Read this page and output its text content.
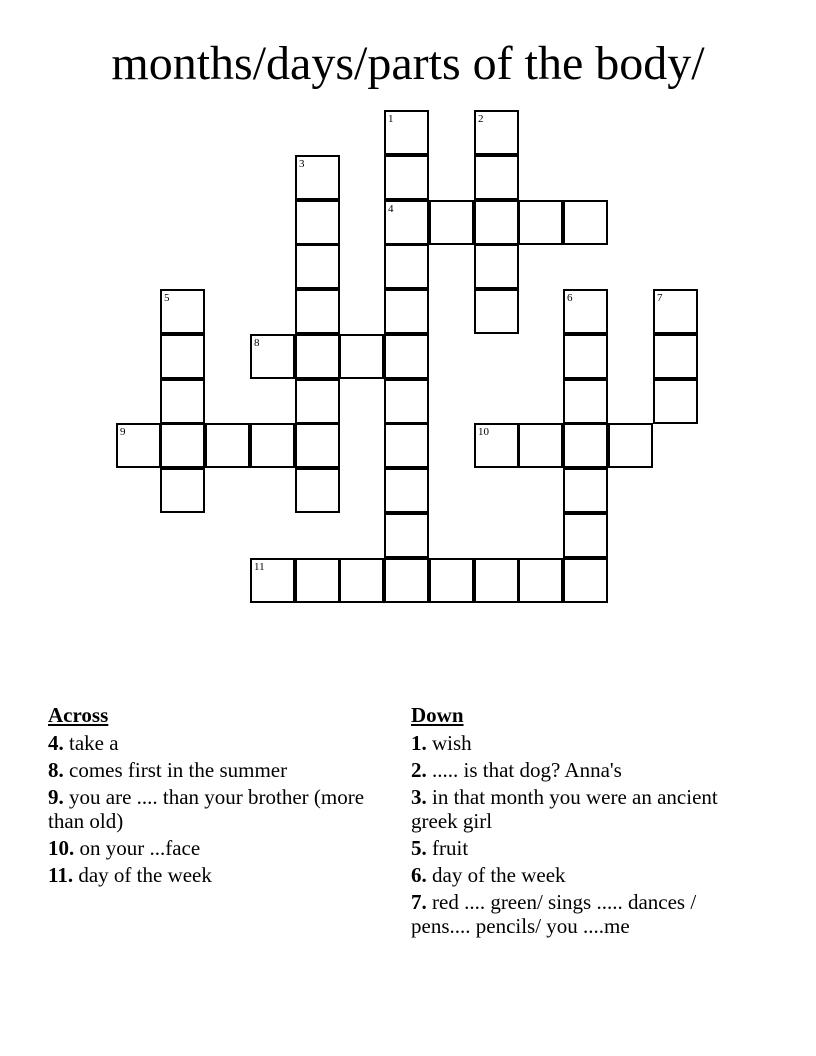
months/days/parts of the body/
1	2
3
4
5	6	7
8
9	10
11
Across
4. take a
8. comes first in the summer
9. you are .... than your brother (more than old)
10. on your ...face
11. day of the week
Down
1. wish
2. ..... is that dog? Anna's
3. in that month you were an ancient greek girl
5. fruit
6. day of the week
7. red .... green/ sings ..... dances / pens.... pencils/ you ....me
